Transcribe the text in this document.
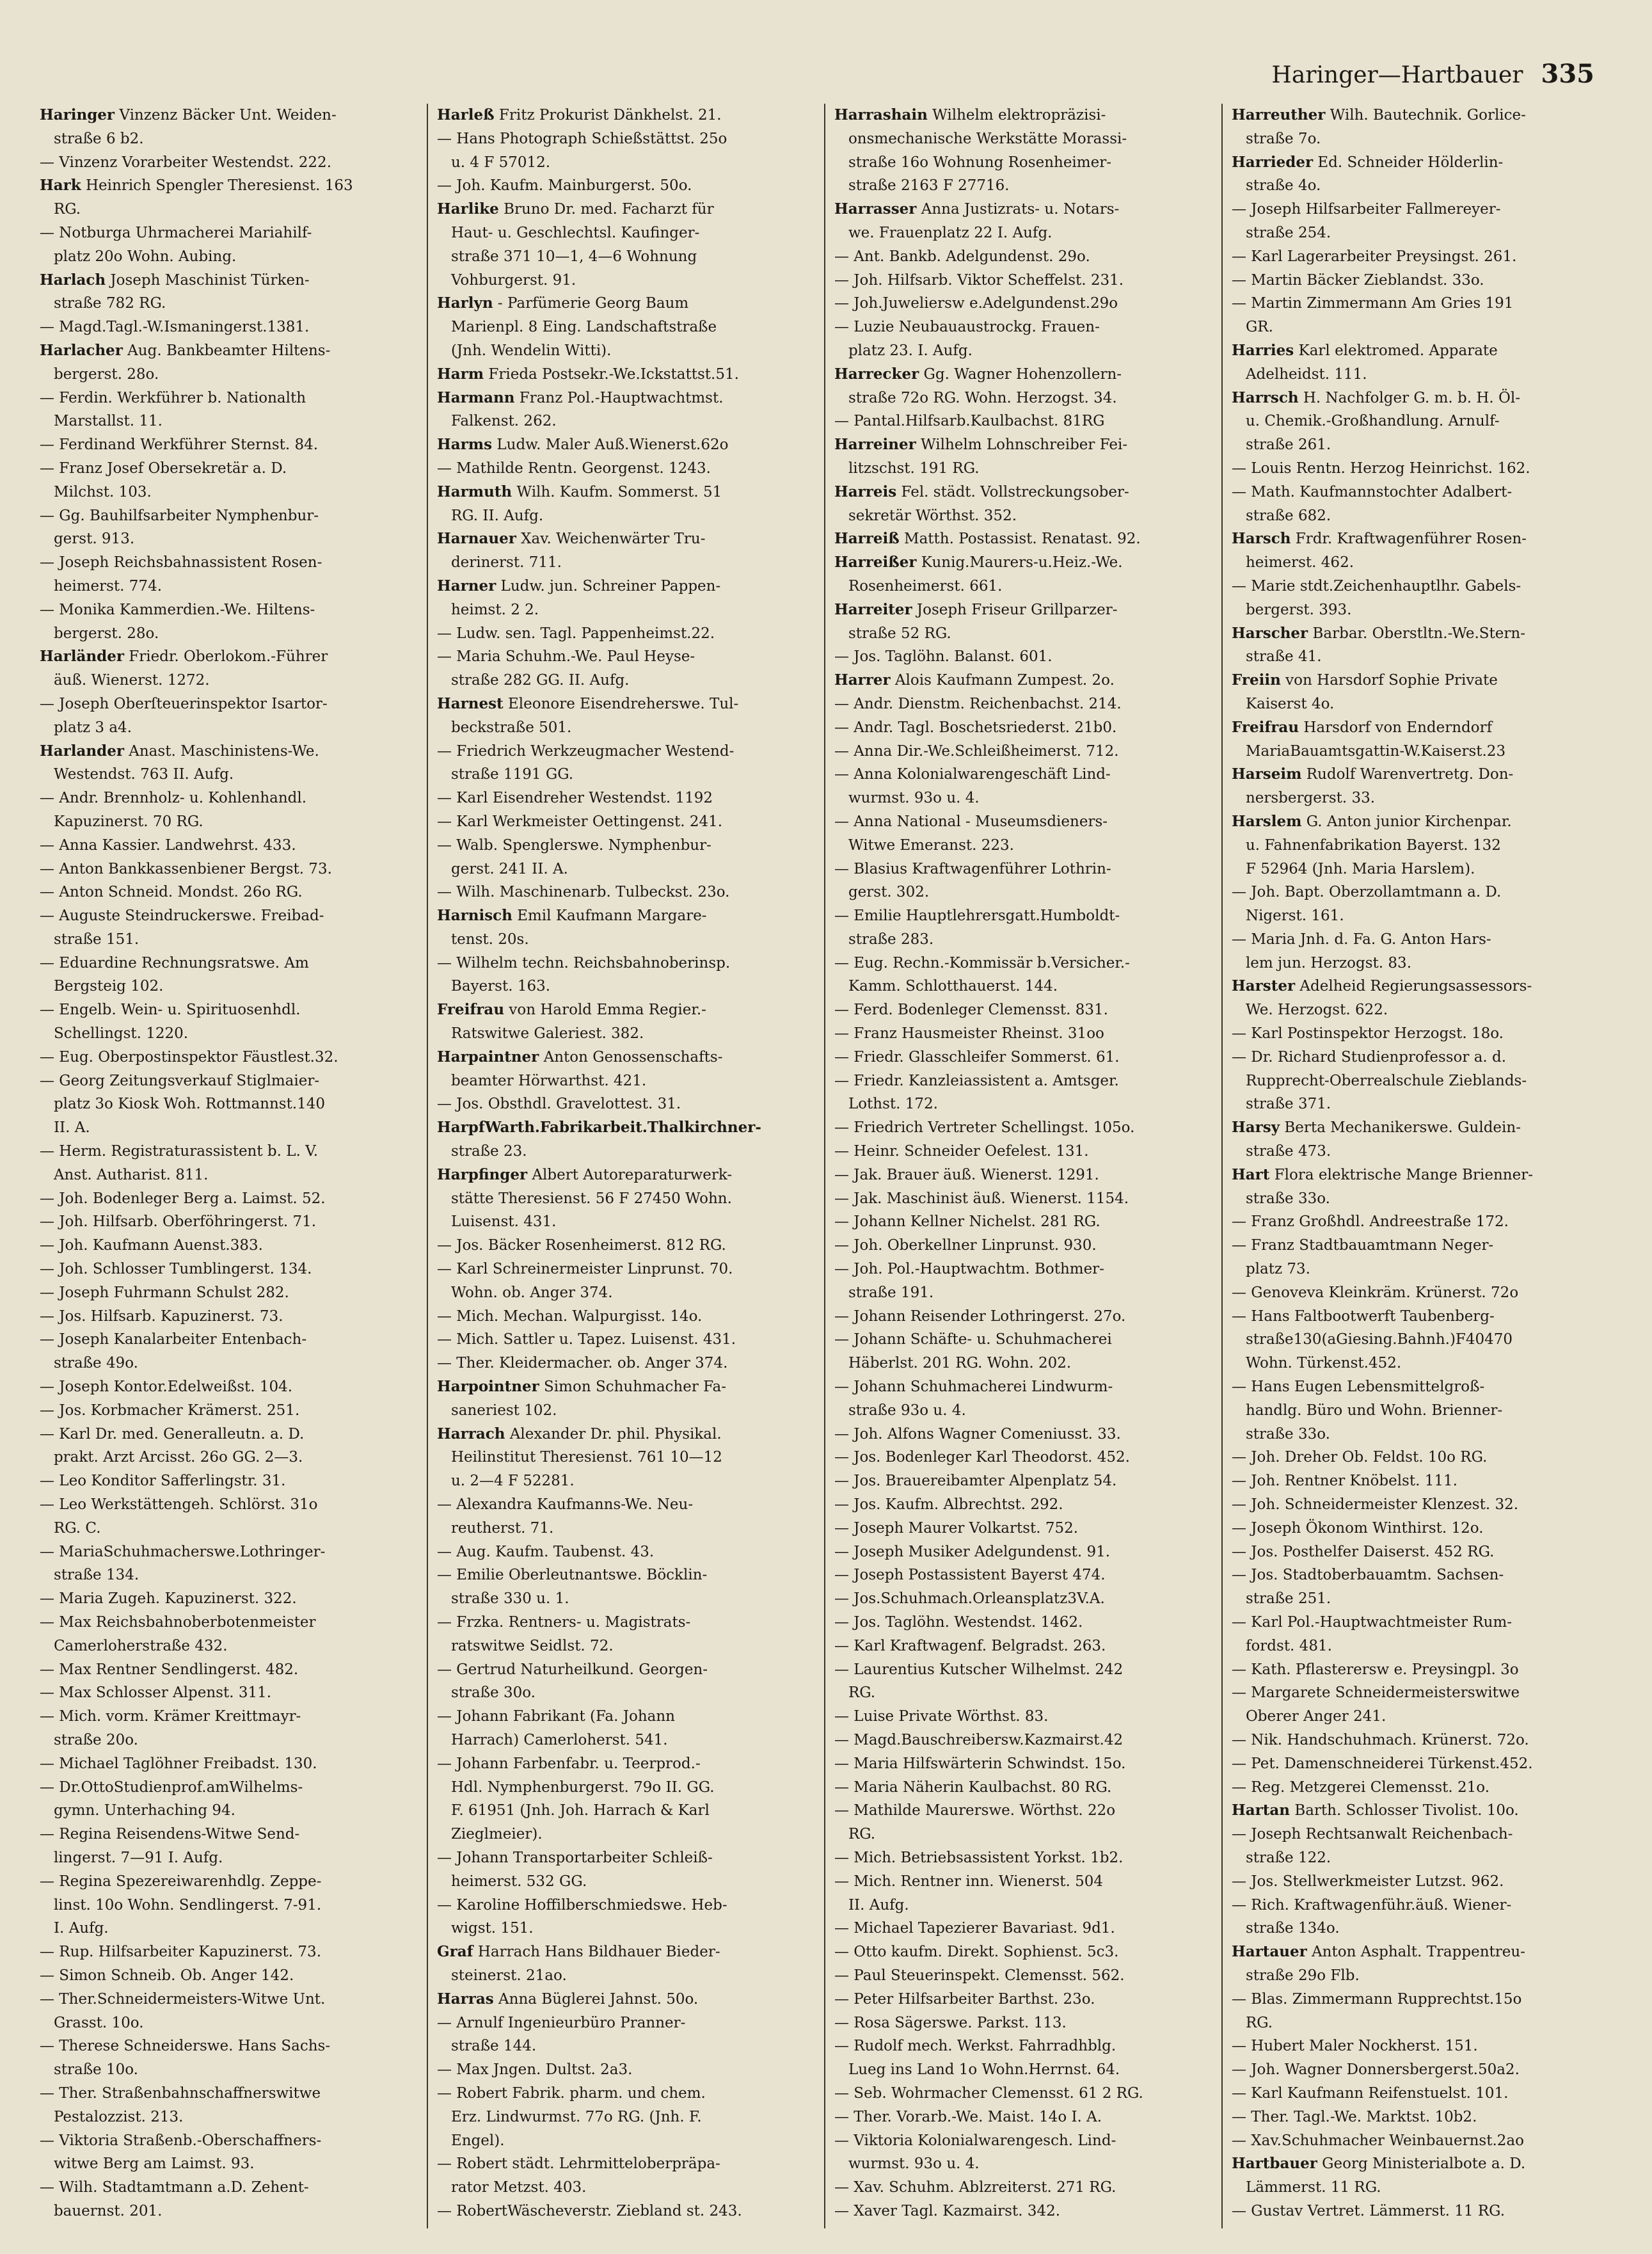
Haringer—Hartbauer 335
Haringer Vinzenz Bäcker Unt. Weiden-
straße 6 b2.
— Vinzenz Vorarbeiter Westendst. 222.
Hark Heinrich Spengler Theresienst. 163
RG.
— Notburga Uhrmacherei Mariahilf-
platz 20o Wohn. Aubing.
Harlach Joseph Maschinist Türken-
straße 782 RG.
— Magd.Tagl.-W.Ismaningerst.1381.
Harlacher Aug. Bankbeamter Hiltens-
bergerst. 28o.
— Ferdin. Werkführer b. Nationalth
Marstallst. 11.
— Ferdinand Werkführer Sternst. 84.
— Franz Josef Obersekretär a. D.
Milchst. 103.
— Gg. Bauhilfsarbeiter Nymphenbur-
gerst. 913.
— Joseph Reichsbahnassistent Rosen-
heimerst. 774.
— Monika Kammerdien.-We. Hiltens-
bergerst. 28o.
Harländer Friedr. Oberlokom.-Führer
äuß. Wienerst. 1272.
— Joseph Oberſteuerinspektor Isartor-
platz 3 a4.
Harlander Anast. Maschinistens-We.
Westendst. 763 II. Aufg.
— Andr. Brennholz- u. Kohlenhandl.
Kapuzinerst. 70 RG.
— Anna Kassier. Landwehrst. 433.
— Anton Bankkassenbiener Bergst. 73.
— Anton Schneid. Mondst. 26o RG.
— Auguste Steindruckerswe. Freibad-
straße 151.
— Eduardine Rechnungsratswe. Am
Bergsteig 102.
— Engelb. Wein- u. Spirituosenhdl.
Schellingst. 1220.
— Eug. Oberpostinspektor Fäustlest.32.
— Georg Zeitungsverkauf Stiglmaier-
platz 3o Kiosk Woh. Rottmannst.140
II. A.
— Herm. Registraturassistent b. L. V.
Anst. Autharist. 811.
— Joh. Bodenleger Berg a. Laimst. 52.
— Joh. Hilfsarb. Oberföhringerst. 71.
— Joh. Kaufmann Auenst.383.
— Joh. Schlosser Tumblingerst. 134.
— Joseph Fuhrmann Schulst 282.
— Jos. Hilfsarb. Kapuzinerst. 73.
— Joseph Kanalarbeiter Entenbach-
straße 49o.
— Joseph Kontor.Edelweißst. 104.
— Jos. Korbmacher Krämerst. 251.
— Karl Dr. med. Generalleutn. a. D.
prakt. Arzt Arcisst. 26o GG. 2—3.
— Leo Konditor Safferlingstr. 31.
— Leo Werkstättengeh. Schlörst. 31o
RG. C.
— MariaSchuhmacherswe.Lothringer-
straße 134.
— Maria Zugeh. Kapuzinerst. 322.
— Max Reichsbahnoberbotenmeister
Camerloherstraße 432.
— Max Rentner Sendlingerst. 482.
— Max Schlosser Alpenst. 311.
— Mich. vorm. Krämer Kreittmayr-
straße 20o.
— Michael Taglöhner Freibadst. 130.
— Dr.OttoStudienprof.amWilhelms-
gymn. Unterhaching 94.
— Regina Reisendens-Witwe Send-
lingerst. 7—91 I. Aufg.
— Regina Spezereiwarenhdlg. Zeppe-
linst. 10o Wohn. Sendlingerst. 7-91.
I. Aufg.
— Rup. Hilfsarbeiter Kapuzinerst. 73.
— Simon Schneib. Ob. Anger 142.
— Ther.Schneidermeisters-Witwe Unt.
Grasst. 10o.
— Therese Schneiderswe. Hans Sachs-
straße 10o.
— Ther. Straßenbahnschaffnerswitwe
Pestalozzist. 213.
— Viktoria Straßenb.-Oberschaffners-
witwe Berg am Laimst. 93.
— Wilh. Stadtamtmann a.D. Zehent-
bauernst. 201.
Harleß Fritz Prokurist Dänkhelst. 21.
— Hans Photograph Schießstättst. 25o
u. 4 F 57012.
— Joh. Kaufm. Mainburgerst. 50o.
Harlike Bruno Dr. med. Facharzt für
Haut- u. Geschlechtsl. Kaufinger-
straße 371 10—1, 4—6 Wohnung
Vohburgerst. 91.
Harlyn - Parfümerie Georg Baum
Marienpl. 8 Eing. Landschaftstraße
(Jnh. Wendelin Witti).
Harm Frieda Postsekr.-We.Ickstattst.51.
Harmann Franz Pol.-Hauptwachtmst.
Falkenst. 262.
Harms Ludw. Maler Auß.Wienerst.62o
— Mathilde Rentn. Georgenst. 1243.
Harmuth Wilh. Kaufm. Sommerst. 51
RG. II. Aufg.
Harnauer Xav. Weichenwärter Tru-
derinerst. 711.
Harner Ludw. jun. Schreiner Pappen-
heimst. 2 2.
— Ludw. sen. Tagl. Pappenheimst.22.
— Maria Schuhm.-We. Paul Heyse-
straße 282 GG. II. Aufg.
Harnest Eleonore Eisendreherswe. Tul-
beckstraße 501.
— Friedrich Werkzeugmacher Westend-
straße 1191 GG.
— Karl Eisendreher Westendst. 1192
— Karl Werkmeister Oettingenst. 241.
— Walb. Spenglerswe. Nymphenbur-
gerst. 241 II. A.
— Wilh. Maschinenarb. Tulbeckst. 23o.
Harnisch Emil Kaufmann Margare-
tenst. 20s.
— Wilhelm techn. Reichsbahnoberinsp.
Bayerst. 163.
Freifrau von Harold Emma Regier.-
Ratswitwe Galeriest. 382.
Harpaintner Anton Genossenschafts-
beamter Hörwarthst. 421.
— Jos. Obsthdl. Gravelottest. 31.
HarpfWarth.Fabrikarbeit.Thalkirchner-
straße 23.
Harpfinger Albert Autoreparaturwerk-
stätte Theresienst. 56 F 27450 Wohn.
Luisenst. 431.
— Jos. Bäcker Rosenheimerst. 812 RG.
— Karl Schreinermeister Linprunst. 70.
Wohn. ob. Anger 374.
— Mich. Mechan. Walpurgisst. 14o.
— Mich. Sattler u. Tapez. Luisenst. 431.
— Ther. Kleidermacher. ob. Anger 374.
Harpointner Simon Schuhmacher Fa-
saneriest 102.
Harrach Alexander Dr. phil. Physikal.
Heilinstitut Theresienst. 761 10—12
u. 2—4 F 52281.
— Alexandra Kaufmanns-We. Neu-
reutherst. 71.
— Aug. Kaufm. Taubenst. 43.
— Emilie Oberleutnantswe. Böcklin-
straße 330 u. 1.
— Frzka. Rentners- u. Magistrats-
ratswitwe Seidlst. 72.
— Gertrud Naturheilkund. Georgen-
straße 30o.
— Johann Fabrikant (Fa. Johann
Harrach) Camerloherst. 541.
— Johann Farbenfabr. u. Teerprod.-
Hdl. Nymphenburgerst. 79o II. GG.
F. 61951 (Jnh. Joh. Harrach & Karl
Zieglmeier).
— Johann Transportarbeiter Schleiß-
heimerst. 532 GG.
— Karoline Hoffilberschmiedswe. Heb-
wigst. 151.
Graf Harrach Hans Bildhauer Bieder-
steinerst. 21ao.
Harras Anna Büglerei Jahnst. 50o.
— Arnulf Ingenieurbüro Pranner-
straße 144.
— Max Jngen. Dultst. 2a3.
— Robert Fabrik. pharm. und chem.
Erz. Lindwurmst. 77o RG. (Jnh. F.
Engel).
— Robert städt. Lehrmitteloberpräpa-
rator Metzst. 403.
— RobertWäscheverstr. Ziebland st. 243.
Harrashain Wilhelm elektropräzisi-
onsmechanische Werkstätte Morassi-
straße 16o Wohnung Rosenheimer-
straße 2163 F 27716.
Harrasser Anna Justizrats- u. Notars-
we. Frauenplatz 22 I. Aufg.
— Ant. Bankb. Adelgundenst. 29o.
— Joh. Hilfsarb. Viktor Scheffelst. 231.
— Joh.Juweliersw e.Adelgundenst.29o
— Luzie Neubauaustrockg. Frauen-
platz 23. I. Aufg.
Harrecker Gg. Wagner Hohenzollern-
straße 72o RG. Wohn. Herzogst. 34.
— Pantal.Hilfsarb.Kaulbachst. 81RG
Harreiner Wilhelm Lohnschreiber Fei-
litzschst. 191 RG.
Harreis Fel. städt. Vollstreckungsober-
sekretär Wörthst. 352.
Harreiß Matth. Postassist. Renatast. 92.
Harreißer Kunig.Maurers-u.Heiz.-We.
Rosenheimerst. 661.
Harreiter Joseph Friseur Grillparzer-
straße 52 RG.
— Jos. Taglöhn. Balanst. 601.
Harrer Alois Kaufmann Zumpest. 2o.
— Andr. Dienstm. Reichenbachst. 214.
— Andr. Tagl. Boschetsriederst. 21b0.
— Anna Dir.-We.Schleißheimerst. 712.
— Anna Kolonialwarengeschäft Lind-
wurmst. 93o u. 4.
— Anna National - Museumsdieners-
Witwe Emeranst. 223.
— Blasius Kraftwagenführer Lothrin-
gerst. 302.
— Emilie Hauptlehrersgatt.Humboldt-
straße 283.
— Eug. Rechn.-Kommissär b.Versicher.-
Kamm. Schlotthauerst. 144.
— Ferd. Bodenleger Clemensst. 831.
— Franz Hausmeister Rheinst. 31oo
— Friedr. Glasschleifer Sommerst. 61.
— Friedr. Kanzleiassistent a. Amtsger.
Lothst. 172.
— Friedrich Vertreter Schellingst. 105o.
— Heinr. Schneider Oefelest. 131.
— Jak. Brauer äuß. Wienerst. 1291.
— Jak. Maschinist äuß. Wienerst. 1154.
— Johann Kellner Nichelst. 281 RG.
— Joh. Oberkellner Linprunst. 930.
— Joh. Pol.-Hauptwachtm. Bothmer-
straße 191.
— Johann Reisender Lothringerst. 27o.
— Johann Schäfte- u. Schuhmacherei
Häberlst. 201 RG. Wohn. 202.
— Johann Schuhmacherei Lindwurm-
straße 93o u. 4.
— Joh. Alfons Wagner Comeniusst. 33.
— Jos. Bodenleger Karl Theodorst. 452.
— Jos. Brauereibamter Alpenplatz 54.
— Jos. Kaufm. Albrechtst. 292.
— Joseph Maurer Volkartst. 752.
— Joseph Musiker Adelgundenst. 91.
— Joseph Postassistent Bayerst 474.
— Jos.Schuhmach.Orleansplatz3V.A.
— Jos. Taglöhn. Westendst. 1462.
— Karl Kraftwagenf. Belgradst. 263.
— Laurentius Kutscher Wilhelmst. 242
RG.
— Luise Private Wörthst. 83.
— Magd.Bauschreibersw.Kazmairst.42
— Maria Hilfswärterin Schwindst. 15o.
— Maria Näherin Kaulbachst. 80 RG.
— Mathilde Maurerswe. Wörthst. 22o
RG.
— Mich. Betriebsassistent Yorkst. 1b2.
— Mich. Rentner inn. Wienerst. 504
II. Aufg.
— Michael Tapezierer Bavariast. 9d1.
— Otto kaufm. Direkt. Sophienst. 5c3.
— Paul Steuerinspekt. Clemensst. 562.
— Peter Hilfsarbeiter Barthst. 23o.
— Rosa Sägerswe. Parkst. 113.
— Rudolf mech. Werkst. Fahrradhblg.
Lueg ins Land 1o Wohn.Herrnst. 64.
— Seb. Wohrmacher Clemensst. 61 2 RG.
— Ther. Vorarb.-We. Maist. 14o I. A.
— Viktoria Kolonialwarengesch. Lind-
wurmst. 93o u. 4.
— Xav. Schuhm. Ablzreiterst. 271 RG.
— Xaver Tagl. Kazmairst. 342.
Harreuther Wilh. Bautechnik. Gorlice-
straße 7o.
Harrieder Ed. Schneider Hölderlin-
straße 4o.
— Joseph Hilfsarbeiter Fallmereyer-
straße 254.
— Karl Lagerarbeiter Preysingst. 261.
— Martin Bäcker Zieblandst. 33o.
— Martin Zimmermann Am Gries 191
GR.
Harries Karl elektromed. Apparate
Adelheidst. 111.
Harrsch H. Nachfolger G. m. b. H. Öl-
u. Chemik.-Großhandlung. Arnulf-
straße 261.
— Louis Rentn. Herzog Heinrichst. 162.
— Math. Kaufmannstochter Adalbert-
straße 682.
Harsch Frdr. Kraftwagenführer Rosen-
heimerst. 462.
— Marie stdt.Zeichenhauptlhr. Gabels-
bergerst. 393.
Harscher Barbar. Oberstltn.-We.Stern-
straße 41.
Freiin von Harsdorf Sophie Private
Kaiserst 4o.
Freifrau Harsdorf von Enderndorf
MariaBauamtsgattin-W.Kaiserst.23
Harseim Rudolf Warenvertretg. Don-
nersbergerst. 33.
Harslem G. Anton junior Kirchenpar.
u. Fahnenfabrikation Bayerst. 132
F 52964 (Jnh. Maria Harslem).
— Joh. Bapt. Oberzollamtmann a. D.
Nigerst. 161.
— Maria Jnh. d. Fa. G. Anton Hars-
lem jun. Herzogst. 83.
Harster Adelheid Regierungsassessors-
We. Herzogst. 622.
— Karl Postinspektor Herzogst. 18o.
— Dr. Richard Studienprofessor a. d.
Rupprecht-Oberrealschule Zieblands-
straße 371.
Harsy Berta Mechanikerswe. Guldein-
straße 473.
Hart Flora elektrische Mange Brienner-
straße 33o.
— Franz Großhdl. Andreestraße 172.
— Franz Stadtbauamtmann Neger-
platz 73.
— Genoveva Kleinkräm. Krünerst. 72o
— Hans Faltbootwerft Taubenberg-
straße130(aGiesing.Bahnh.)F40470
Wohn. Türkenst.452.
— Hans Eugen Lebensmittelgroß-
handlg. Büro und Wohn. Brienner-
straße 33o.
— Joh. Dreher Ob. Feldst. 10o RG.
— Joh. Rentner Knöbelst. 111.
— Joh. Schneidermeister Klenzest. 32.
— Joseph Ökonom Winthirst. 12o.
— Jos. Posthelfer Daiserst. 452 RG.
— Jos. Stadtoberbauamtm. Sachsen-
straße 251.
— Karl Pol.-Hauptwachtmeister Rum-
fordst. 481.
— Kath. Pflasterersw e. Preysingpl. 3o
— Margarete Schneidermeisterswitwe
Oberer Anger 241.
— Nik. Handschuhmach. Krünerst. 72o.
— Pet. Damenschneiderei Türkenst.452.
— Reg. Metzgerei Clemensst. 21o.
Hartan Barth. Schlosser Tivolist. 10o.
— Joseph Rechtsanwalt Reichenbach-
straße 122.
— Jos. Stellwerkmeister Lutzst. 962.
— Rich. Kraftwagenführ.äuß. Wiener-
straße 134o.
Hartauer Anton Asphalt. Trappentreu-
straße 29o Flb.
— Blas. Zimmermann Rupprechtst.15o
RG.
— Hubert Maler Nockherst. 151.
— Joh. Wagner Donnersbergerst.50a2.
— Karl Kaufmann Reifenstuelst. 101.
— Ther. Tagl.-We. Marktst. 10b2.
— Xav.Schuhmacher Weinbauernst.2ao
Hartbauer Georg Ministerialbote a. D.
Lämmerst. 11 RG.
— Gustav Vertret. Lämmerst. 11 RG.
